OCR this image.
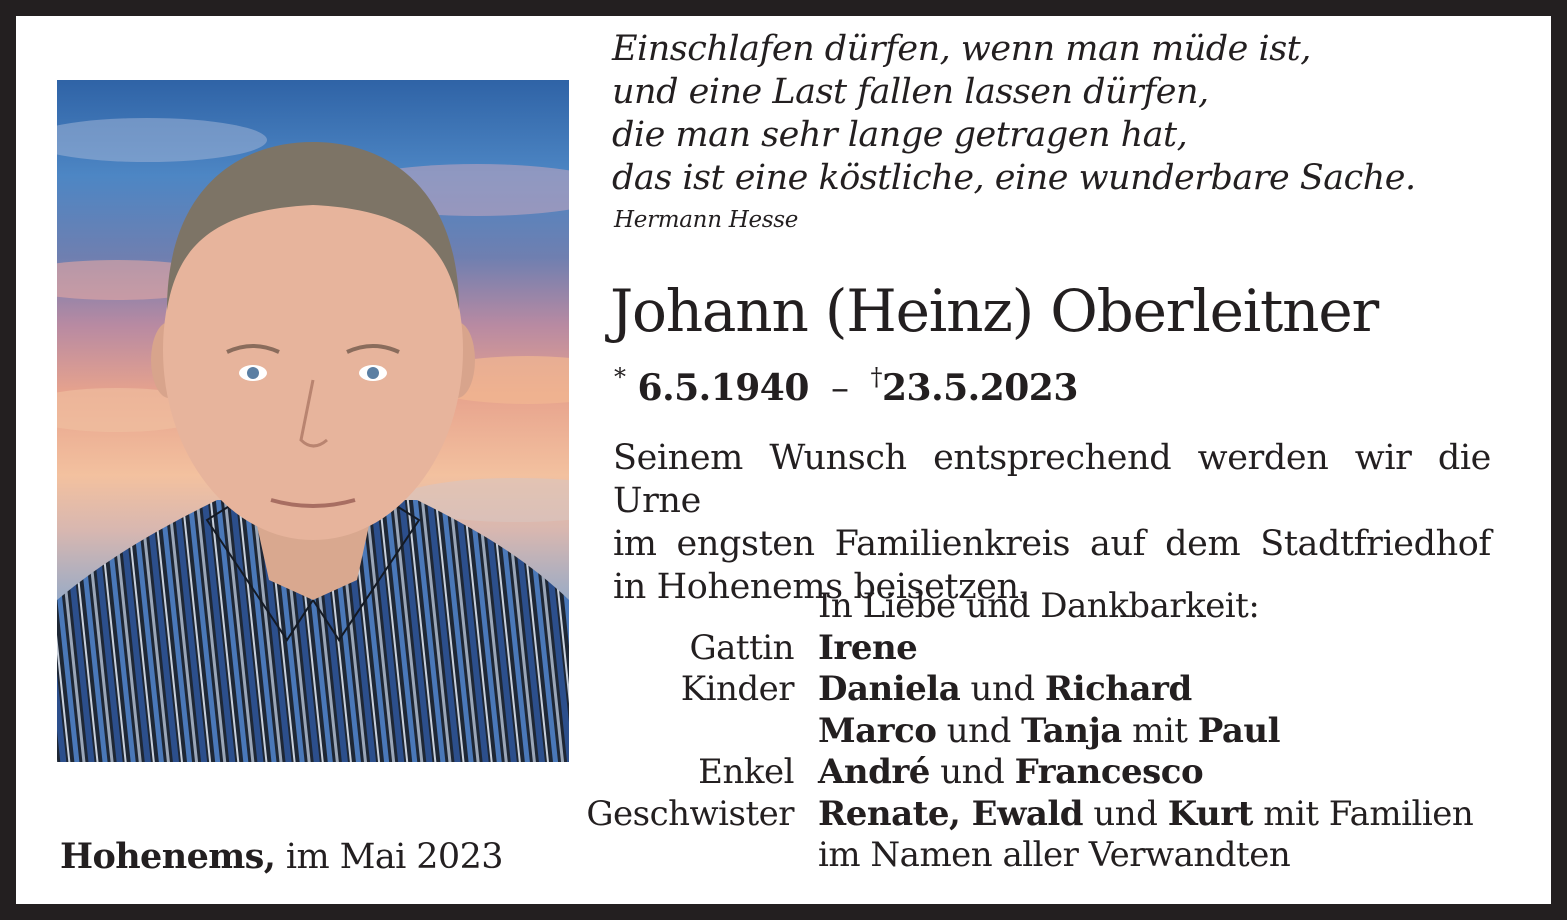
Hohenems, im Mai 2023
Einschlafen dürfen, wenn man müde ist,
und eine Last fallen lassen dürfen,
die man sehr lange getragen hat,
das ist eine köstliche, eine wunderbare Sache.
Hermann Hesse
Johann (Heinz) Oberleitner
* 6.5.1940 – †23.5.2023
Seinem Wunsch entsprechend werden wir die Urne
im engsten Familienkreis auf dem Stadtfriedhof
in Hohenems beisetzen.
In Liebe und Dankbarkeit:
Gattin Irene
Kinder Daniela und Richard
Marco und Tanja mit Paul
Enkel André und Francesco
Geschwister Renate, Ewald und Kurt mit Familien
im Namen aller Verwandten
